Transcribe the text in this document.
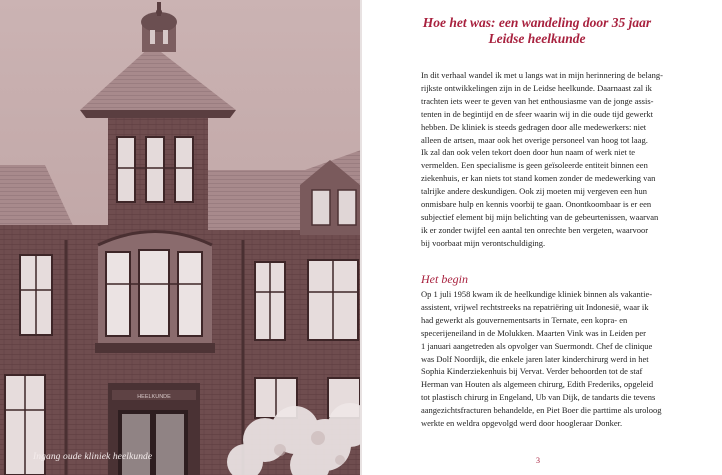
HEELKUNDE
Ingang oude kliniek heelkunde
Hoe het was: een wandeling door 35 jaar
Leidse heelkunde

In dit verhaal wandel ik met u langs wat in mijn herinnering de belang-
rijkste ontwikkelingen zijn in de Leidse heelkunde. Daarnaast zal ik
trachten iets weer te geven van het enthousiasme van de jonge assis-
tenten in de begintijd en de sfeer waarin wij in die oude tijd gewerkt
hebben. De kliniek is steeds gedragen door alle medewerkers: niet
alleen de artsen, maar ook het overige personeel van hoog tot laag.
Ik zal dan ook velen tekort doen door hun naam of werk niet te
vermelden. Een specialisme is geen geïsoleerde entiteit binnen een
ziekenhuis, er kan niets tot stand komen zonder de medewerking van
talrijke andere deskundigen. Ook zij moeten mij vergeven een hun
onmisbare hulp en kennis voorbij te gaan. Onontkoombaar is er een
subjectief element bij mijn belichting van de gebeurtenissen, waarvan
ik er zonder twijfel een aantal ten onrechte ben vergeten, waarvoor
bij voorbaat mijn verontschuldiging.

Het begin

Op 1 juli 1958 kwam ik de heelkundige kliniek binnen als vakantie-
assistent, vrijwel rechtstreeks na repatriëring uit Indonesië, waar ik
had gewerkt als gouvernementsarts in Ternate, een kopra- en
specerijeneiland in de Molukken. Maarten Vink was in Leiden per
1 januari aangetreden als opvolger van Suermondt. Chef de clinique
was Dolf Noordijk, die enkele jaren later kinderchirurg werd in het
Sophia Kinderziekenhuis bij Vervat. Verder behoorden tot de staf
Herman van Houten als algemeen chirurg, Edith Frederiks, opgeleid
tot plastisch chirurg in Engeland, Ub van Dijk, de tandarts die tevens
aangezichtsfracturen behandelde, en Piet Boer die parttime als uroloog
werkte en weldra opgevolgd werd door hoogleraar Donker.

3
